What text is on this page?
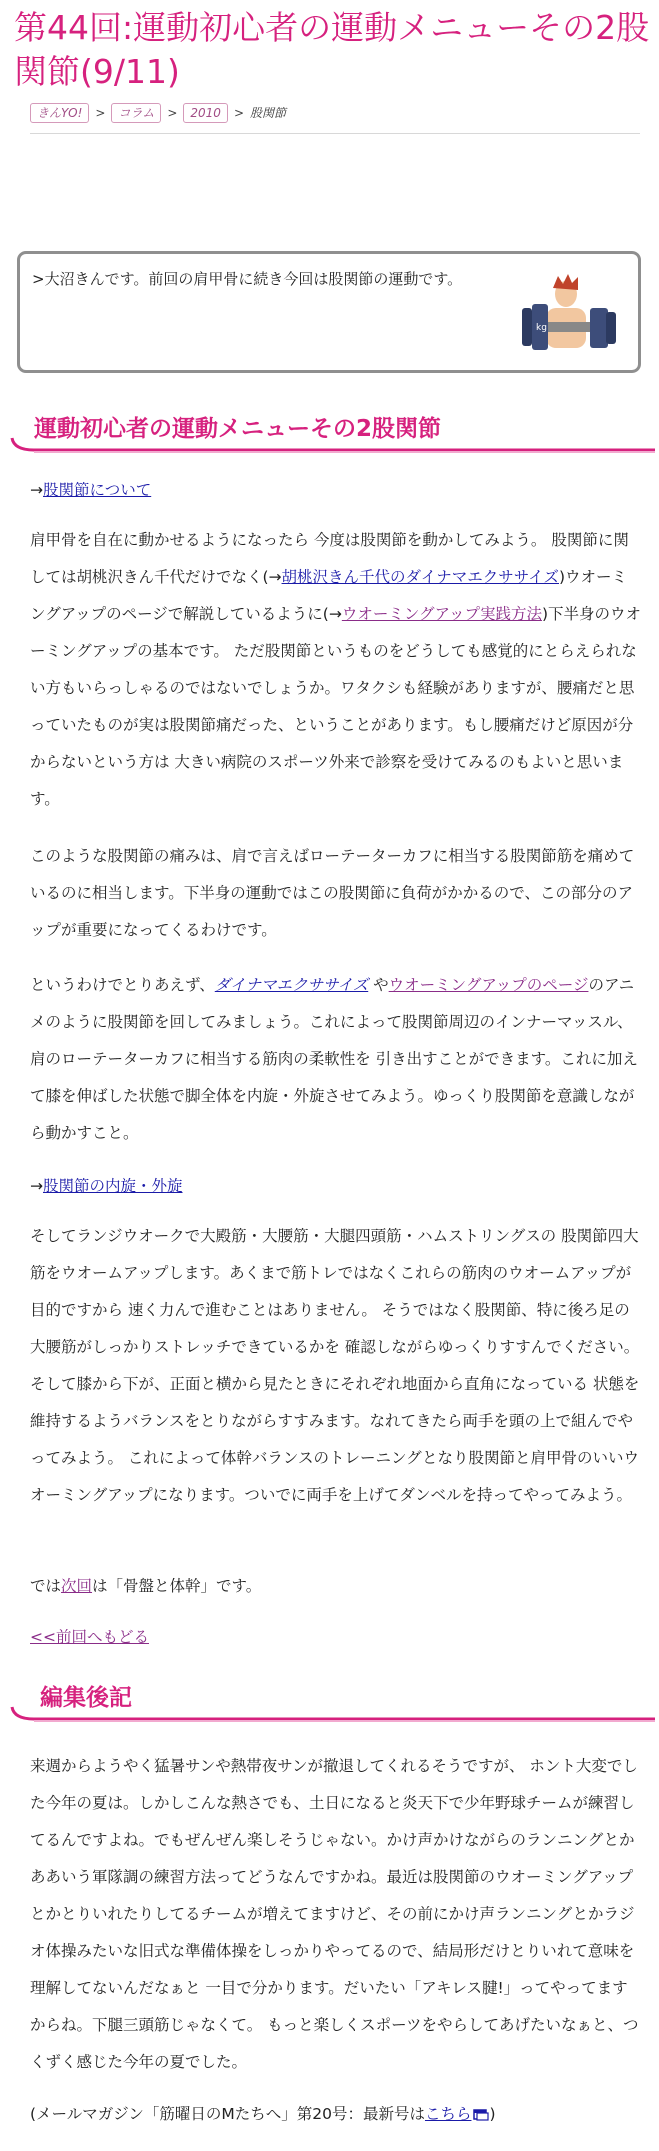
第44回:運動初心者の運動メニューその2股関節(9/11)
きんYO! > コラム > 2010 > 股関節
>大沼きんです。前回の肩甲骨に続き今回は股関節の運動です。
kg
運動初心者の運動メニューその2股関節

→股関節について

肩甲骨を自在に動かせるようになったら 今度は股関節を動かしてみよう。 股関節に関しては胡桃沢きん千代だけでなく(→胡桃沢きん千代のダイナマエクササイズ)ウオーミングアップのページで解説しているように(→ウオーミングアップ実践方法)下半身のウオーミングアップの基本です。 ただ股関節というものをどうしても感覚的にとらえられない方もいらっしゃるのではないでしょうか。ワタクシも経験がありますが、腰痛だと思っていたものが実は股関節痛だった、ということがあります。もし腰痛だけど原因が分からないという方は 大きい病院のスポーツ外来で診察を受けてみるのもよいと思います。

このような股関節の痛みは、肩で言えばローテーターカフに相当する股関節筋を痛めているのに相当します。下半身の運動ではこの股関節に負荷がかかるので、この部分のアップが重要になってくるわけです。

というわけでとりあえず、ダイナマエクササイズ やウオーミングアップのページのアニメのように股関節を回してみましょう。これによって股関節周辺のインナーマッスル、肩のローテーターカフに相当する筋肉の柔軟性を 引き出すことができます。これに加えて膝を伸ばした状態で脚全体を内旋・外旋させてみよう。ゆっくり股関節を意識しながら動かすこと。

→股関節の内旋・外旋

そしてランジウオークで大殿筋・大腰筋・大腿四頭筋・ハムストリングスの 股関節四大筋をウオームアップします。あくまで筋トレではなくこれらの筋肉のウオームアップが目的ですから 速く力んで進むことはありません。 そうではなく股関節、特に後ろ足の大腰筋がしっかりストレッチできているかを 確認しながらゆっくりすすんでください。そして膝から下が、正面と横から見たときにそれぞれ地面から直角になっている 状態を維持するようバランスをとりながらすすみます。なれてきたら両手を頭の上で組んでやってみよう。 これによって体幹バランスのトレーニングとなり股関節と肩甲骨のいいウオーミングアップになります。ついでに両手を上げてダンベルを持ってやってみよう。

では次回は「骨盤と体幹」です。

<<前回へもどる

編集後記

来週からようやく猛暑サンや熱帯夜サンが撤退してくれるそうですが、 ホント大変でした今年の夏は。しかしこんな熱さでも、土日になると炎天下で少年野球チームが練習してるんですよね。でもぜんぜん楽しそうじゃない。かけ声かけながらのランニングとかああいう軍隊調の練習方法ってどうなんですかね。最近は股関節のウオーミングアップとかとりいれたりしてるチームが増えてますけど、その前にかけ声ランニングとかラジオ体操みたいな旧式な準備体操をしっかりやってるので、結局形だけとりいれて意味を理解してないんだなぁと 一目で分かります。だいたい「アキレス腱!」ってやってますからね。下腿三頭筋じゃなくて。 もっと楽しくスポーツをやらしてあげたいなぁと、つくずく感じた今年の夏でした。

(メールマガジン「筋曜日のMたちへ」第20号：最新号はこちら )
